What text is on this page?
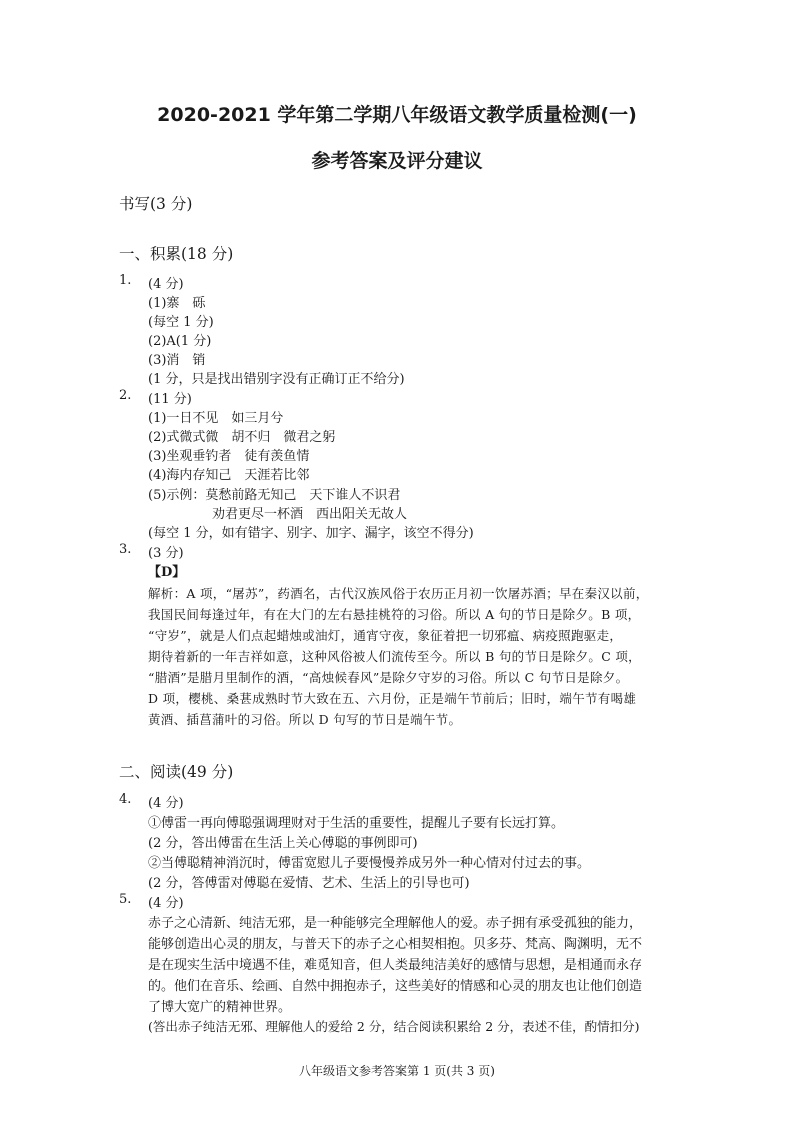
2020-2021 学年第二学期八年级语文教学质量检测(一)
参考答案及评分建议
书写(3 分)
一、积累(18 分)
1. (4 分)
(1)寨　砾
(每空 1 分)
(2)A(1 分)
(3)消　销
(1 分，只是找出错别字没有正确订正不给分)
2. (11 分)
(1)一日不见　如三月兮
(2)式微式微　胡不归　微君之躬
(3)坐观垂钓者　徒有羡鱼情
(4)海内存知己　天涯若比邻
(5)示例：莫愁前路无知己　天下谁人不识君
劝君更尽一杯酒　西出阳关无故人
(每空 1 分，如有错字、别字、加字、漏字，该空不得分)
3. (3 分)
【D】
解析：A 项，“屠苏”，药酒名，古代汉族风俗于农历正月初一饮屠苏酒；早在秦汉以前，
我国民间每逢过年，有在大门的左右悬挂桃符的习俗。所以 A 句的节日是除夕。B 项，
“守岁”，就是人们点起蜡烛或油灯，通宵守夜，象征着把一切邪瘟、病疫照跑驱走，
期待着新的一年吉祥如意，这种风俗被人们流传至今。所以 B 句的节日是除夕。C 项，
“腊酒”是腊月里制作的酒，“高烛候春风”是除夕守岁的习俗。所以 C 句节日是除夕。
D 项，樱桃、桑葚成熟时节大致在五、六月份，正是端午节前后；旧时，端午节有喝雄
黄酒、插菖蒲叶的习俗。所以 D 句写的节日是端午节。
二、阅读(49 分)
4. (4 分)
①傅雷一再向傅聪强调理财对于生活的重要性，提醒儿子要有长远打算。
(2 分，答出傅雷在生活上关心傅聪的事例即可)
②当傅聪精神消沉时，傅雷宽慰儿子要慢慢养成另外一种心情对付过去的事。
(2 分，答傅雷对傅聪在爱情、艺术、生活上的引导也可)
5. (4 分)
赤子之心清新、纯洁无邪，是一种能够完全理解他人的爱。赤子拥有承受孤独的能力，
能够创造出心灵的朋友，与普天下的赤子之心相契相抱。贝多芬、梵高、陶渊明，无不
是在现实生活中境遇不佳，难觅知音，但人类最纯洁美好的感情与思想，是相通而永存
的。他们在音乐、绘画、自然中拥抱赤子，这些美好的情感和心灵的朋友也让他们创造
了博大宽广的精神世界。
(答出赤子纯洁无邪、理解他人的爱给 2 分，结合阅读积累给 2 分，表述不佳，酌情扣分)
八年级语文参考答案第 1 页(共 3 页)
